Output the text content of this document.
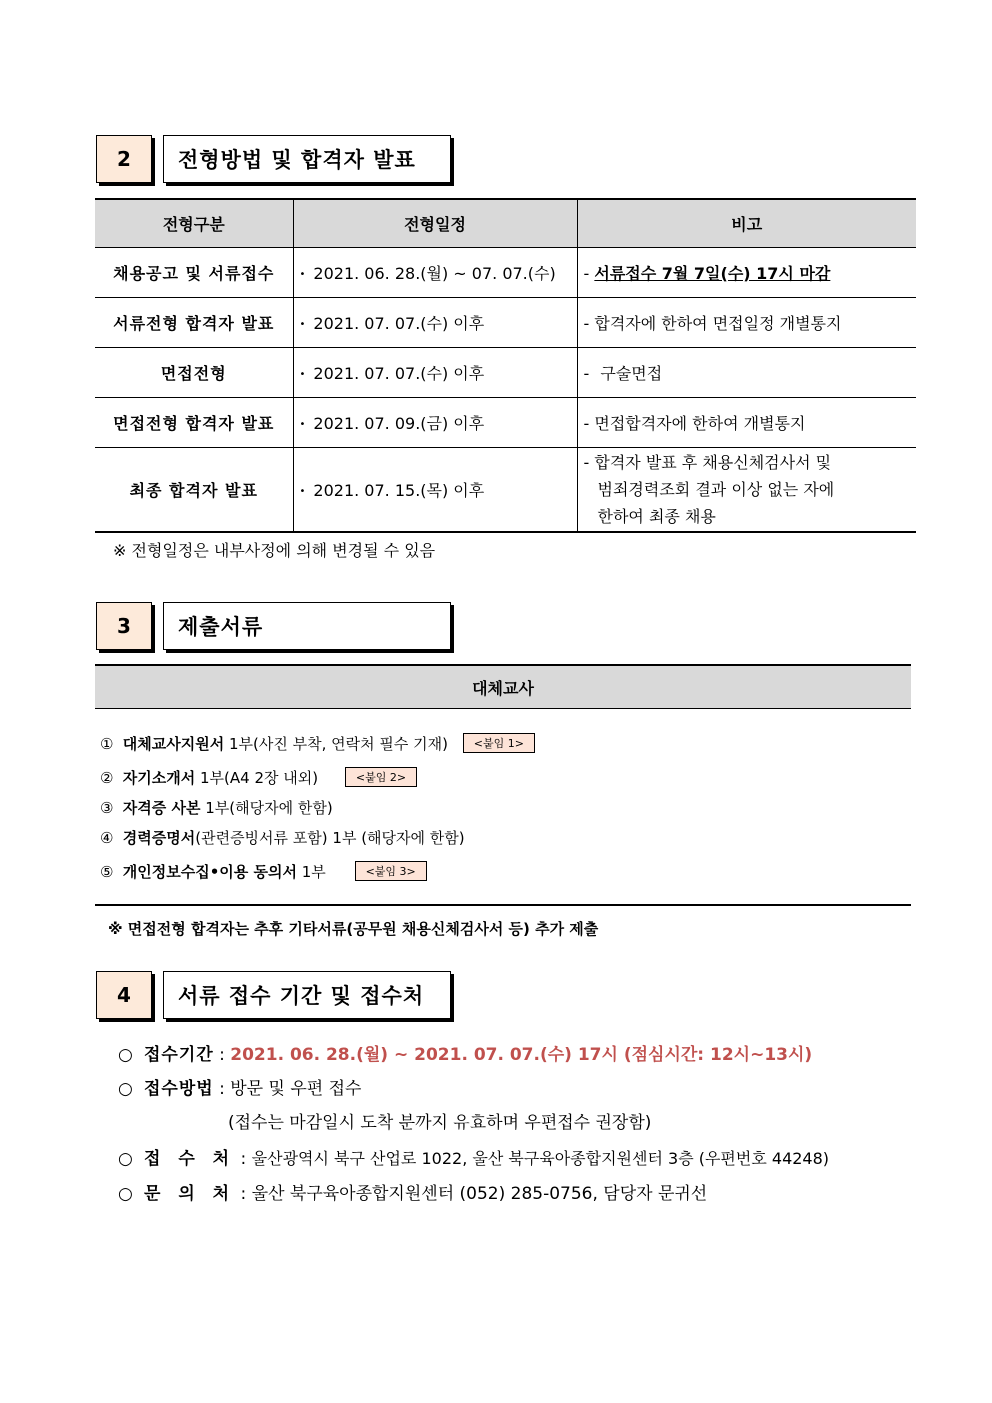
2	전형방법 및 합격자 발표
전형구분	전형일정	비고
채용공고 및 서류접수	• 2021. 06. 28.(월) ~ 07. 07.(수)	- 서류접수 7월 7일(수) 17시 마감
서류전형 합격자 발표	• 2021. 07. 07.(수) 이후	- 합격자에 한하여 면접일정 개별통지
면접전형	• 2021. 07. 07.(수) 이후	- 구술면접
면접전형 합격자 발표	• 2021. 07. 09.(금) 이후	- 면접합격자에 한하여 개별통지
최종 합격자 발표	• 2021. 07. 15.(목) 이후	- 합격자 발표 후 채용신체검사서 및
범죄경력조회 결과 이상 없는 자에
한하여 최종 채용
※ 전형일정은 내부사정에 의해 변경될 수 있음
3	제출서류
대체교사
① 대체교사지원서 1부(사진 부착, 연락처 필수 기재) <붙임 1>
② 자기소개서 1부(A4 2장 내외)	<붙임 2>
③ 자격증 사본 1부(해당자에 한함)
④ 경력증명서(관련증빙서류 포함) 1부 (해당자에 한함)
⑤ 개인정보수집•이용 동의서 1부	<붙임 3>
※ 면접전형 합격자는 추후 기타서류(공무원 채용신체검사서 등) 추가 제출
4	서류 접수 기간 및 접수처
○ 접수기간 : 2021. 06. 28.(월) ~ 2021. 07. 07.(수) 17시 (점심시간: 12시~13시)
○ 접수방법 : 방문 및 우편 접수
(접수는 마감일시 도착 분까지 유효하며 우편접수 권장함)
○ 접 수 처 : 울산광역시 북구 산업로 1022, 울산 북구육아종합지원센터 3층 (우편번호 44248)
○ 문 의 처 : 울산 북구육아종합지원센터 (052) 285-0756, 담당자 문귀선
